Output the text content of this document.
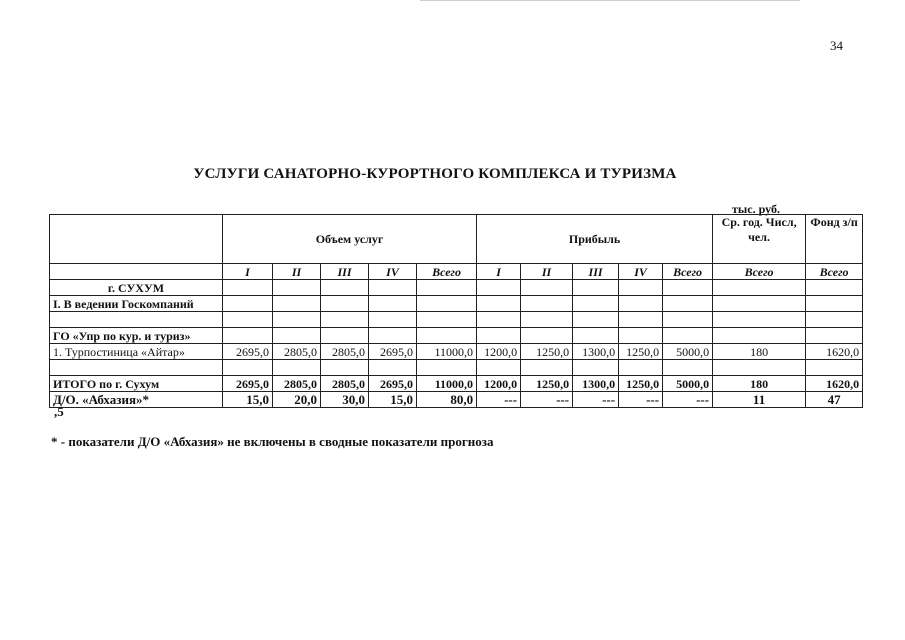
34
УСЛУГИ САНАТОРНО-КУРОРТНОГО КОМПЛЕКСА И ТУРИЗМА
тыс. руб.
	Объем услуг					Прибыль					Ср. год. Числ, чел.	Фонд з/п
	I	II	III	IV	Всего	I	II	III	IV	Всего	Всего	Всего
г. СУХУМ												
I. В ведении Госкомпаний												

ГО «Упр по кур. и туриз»												
1. Турпостиница «Айтар»	2695,0	2805,0	2805,0	2695,0	11000,0	1200,0	1250,0	1300,0	1250,0	5000,0	180	1620,0

ИТОГО по г. Сухум	2695,0	2805,0	2805,0	2695,0	11000,0	1200,0	1250,0	1300,0	1250,0	5000,0	180	1620,0
Д/О. «Абхазия»*	15,0	20,0	30,0	15,0	80,0	---	---	---	---	---	11	47
,5
* - показатели Д/О «Абхазия» не включены в сводные показатели прогноза
